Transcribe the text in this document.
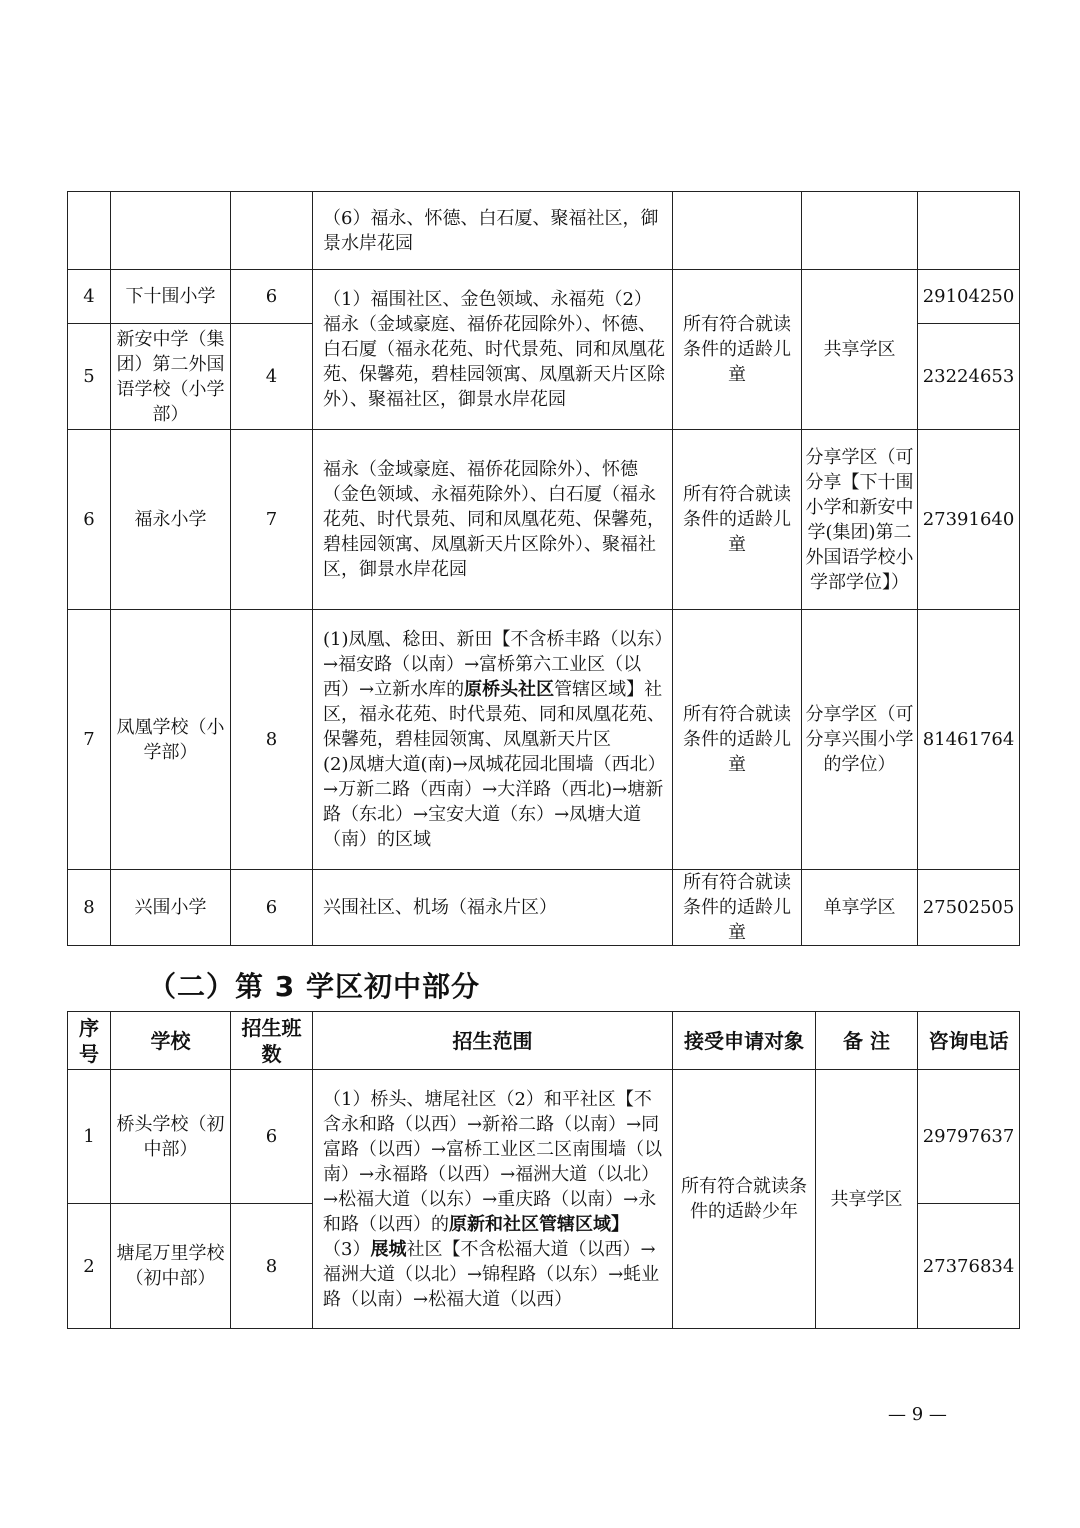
			（6）福永、怀德、白石厦、聚福社区，御景水岸花园			
4	下十围小学	6	（1）福围社区、金色领域、永福苑（2）福永（金域豪庭、福侨花园除外）、怀德、白石厦（福永花苑、时代景苑、同和凤凰花苑、保馨苑，碧桂园领寓、凤凰新天片区除外）、聚福社区，御景水岸花园	所有符合就读条件的适龄儿童	共享学区	29104250
5	新安中学（集团）第二外国语学校（小学部）	4				23224653
6	福永小学	7	福永（金域豪庭、福侨花园除外）、怀德（金色领域、永福苑除外）、白石厦（福永花苑、时代景苑、同和凤凰花苑、保馨苑，碧桂园领寓、凤凰新天片区除外）、聚福社区，御景水岸花园	所有符合就读条件的适龄儿童	分享学区（可分享【下十围小学和新安中学(集团)第二外国语学校小学部学位】）	27391640
7	凤凰学校（小学部）	8	(1)凤凰、稔田、新田【不含桥丰路（以东）→福安路（以南）→富桥第六工业区（以西）→立新水库的原桥头社区管辖区域】社区，福永花苑、时代景苑、同和凤凰花苑、保馨苑，碧桂园领寓、凤凰新天片区
(2)凤塘大道(南)→凤城花园北围墙（西北）→万新二路（西南）→大洋路（西北)→塘新路（东北）→宝安大道（东）→凤塘大道（南）的区域	所有符合就读条件的适龄儿童	分享学区（可分享兴围小学的学位）	81461764
8	兴围小学	6	兴围社区、机场（福永片区）	所有符合就读条件的适龄儿童	单享学区	27502505
（二）第 3 学区初中部分
序号	学校	招生班数	招生范围	接受申请对象	备 注	咨询电话
1	桥头学校（初中部）	6	（1）桥头、塘尾社区（2）和平社区【不含永和路（以西）→新裕二路（以南）→同富路（以西）→富桥工业区二区南围墙（以南）→永福路（以西）→福洲大道（以北）→松福大道（以东）→重庆路（以南）→永和路（以西）的原新和社区管辖区域】
（3）展城社区【不含松福大道（以西）→福洲大道（以北）→锦程路（以东）→蚝业路（以南）→松福大道（以西）	所有符合就读条件的适龄少年	共享学区	29797637
2	塘尾万里学校（初中部）	8				27376834
— 9 —
